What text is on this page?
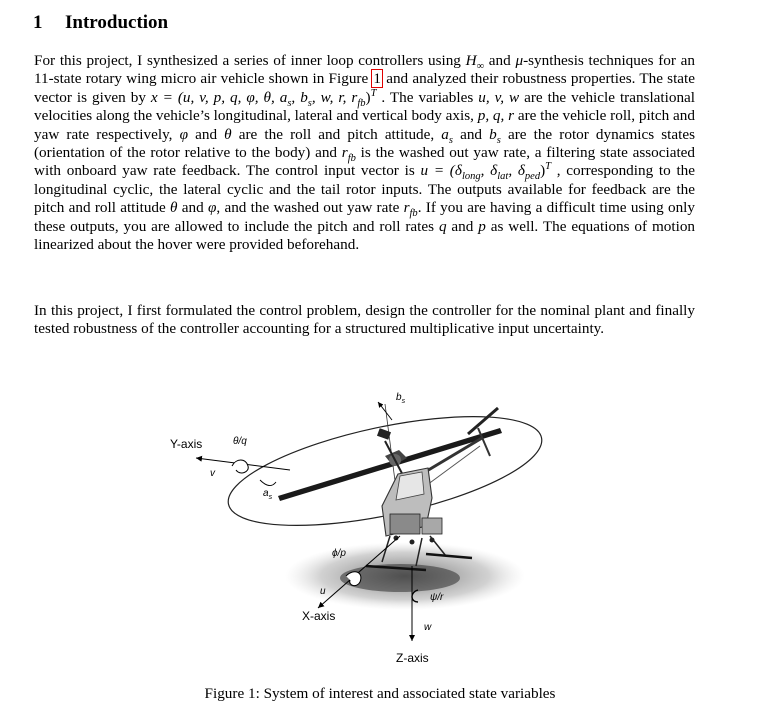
1 Introduction

For this project, I synthesized a series of inner loop controllers using $H_\infty$ and μ-synthesis techniques for an 11-state rotary wing micro air vehicle shown in Figure 1 and analyzed their robustness properties. The state vector is given by x = (u, v, p, q, φ, θ, $a_s$, $b_s$, w, r, $r_{fb})^T$ . The variables u, v, w are the vehicle translational velocities along the vehicle’s longitudinal, lateral and vertical body axis, p, q, r are the vehicle roll, pitch and yaw rate respectively, φ and θ are the roll and pitch attitude, $a_s$ and $b_s$ are the rotor dynamics states (orientation of the rotor relative to the body) and $r_{fb}$ is the washed out yaw rate, a filtering state associated with onboard yaw rate feedback. The control input vector is $u = (\delta_{long}$, $\delta_{lat}$, $\delta_{ped})^T$ , corresponding to the longitudinal cyclic, the lateral cyclic and the tail rotor inputs. The outputs available for feedback are the pitch and roll attitude θ and φ, and the washed out yaw rate $r_{fb}$. If you are having a difficult time using only these outputs, you are allowed to include the pitch and roll rates q and p as well. The equations of motion linearized about the hover were provided beforehand.

In this project, I first formulated the control problem, design the controller for the nominal plant and finally tested robustness of the controller accounting for a structured multiplicative input uncertainty.

Y-axis	θ/q
v
$a_s$
$b_s$
X-axis
ϕ/p
u
Z-axis
ψ/r
w

Figure 1: System of interest and associated state variables
